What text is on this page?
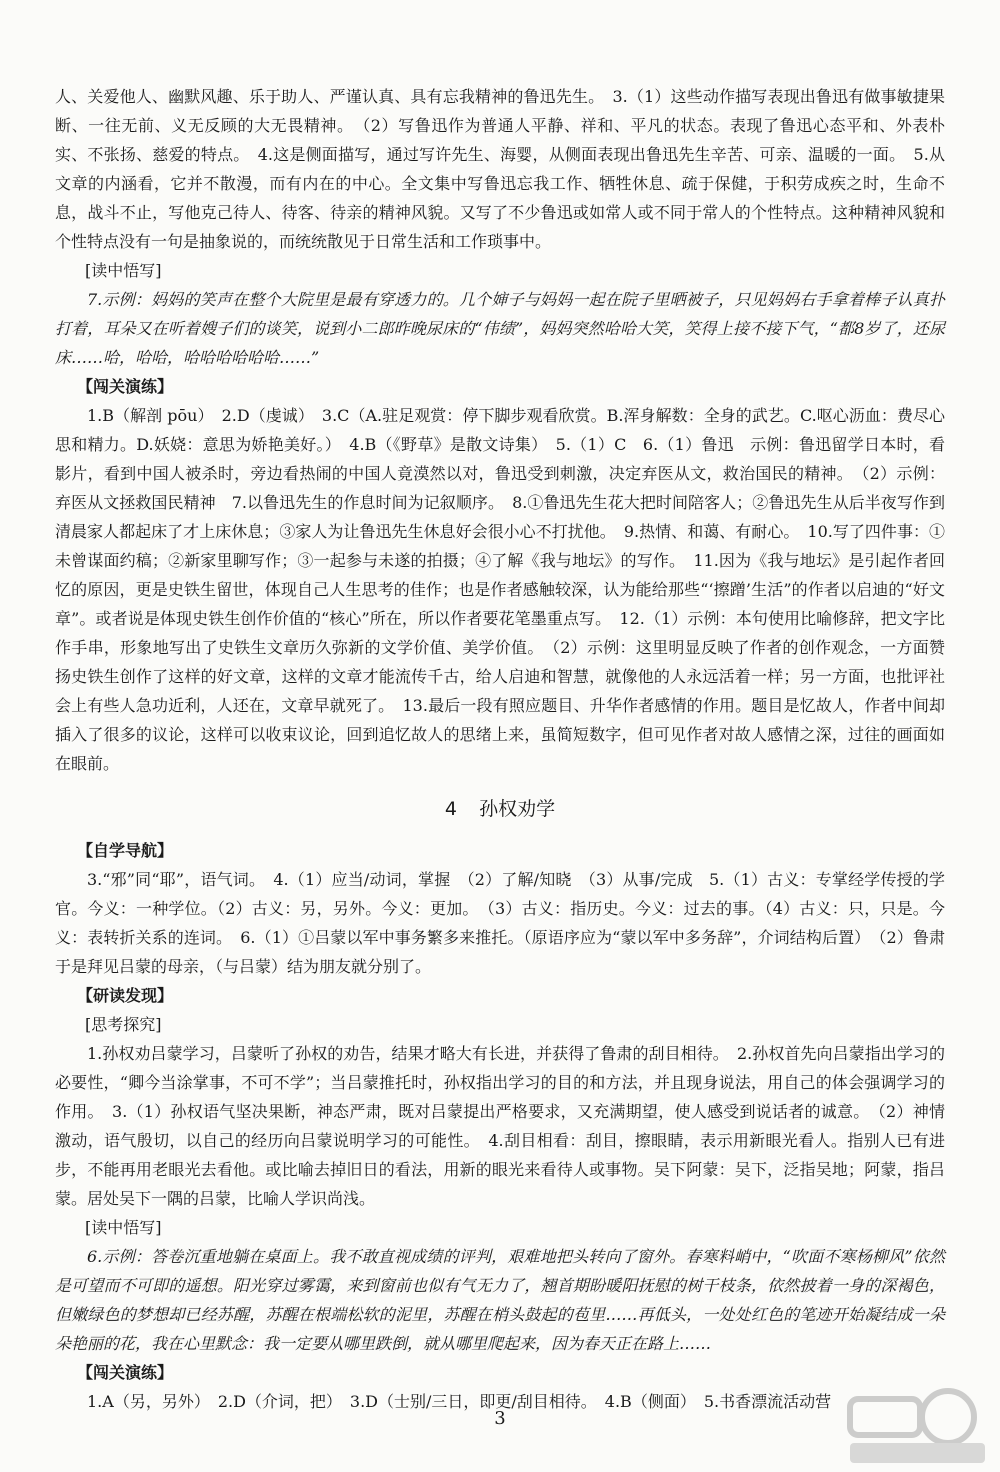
人、关爱他人、幽默风趣、乐于助人、严谨认真、具有忘我精神的鲁迅先生。　3.（1）这些动作描写表现出鲁迅有做事敏捷果断、一往无前、义无反顾的大无畏精神。　（2）写鲁迅作为普通人平静、祥和、平凡的状态。表现了鲁迅心态平和、外表朴实、不张扬、慈爱的特点。　4.这是侧面描写，通过写许先生、海婴，从侧面表现出鲁迅先生辛苦、可亲、温暖的一面。　5.从文章的内涵看，它并不散漫，而有内在的中心。全文集中写鲁迅忘我工作、牺牲休息、疏于保健，于积劳成疾之时，生命不息，战斗不止，写他克己待人、待客、待亲的精神风貌。又写了不少鲁迅或如常人或不同于常人的个性特点。这种精神风貌和个性特点没有一句是抽象说的，而统统散见于日常生活和工作琐事中。

[读中悟写]

7.示例：妈妈的笑声在整个大院里是最有穿透力的。几个婶子与妈妈一起在院子里晒被子，只见妈妈右手拿着棒子认真扑打着，耳朵又在听着嫂子们的谈笑，说到小二郎昨晚尿床的“伟绩”，妈妈突然哈哈大笑，笑得上接不接下气，“都8岁了，还尿床……哈，哈哈，哈哈哈哈哈哈……”

【闯关演练】

1.B（解剖 pōu）　2.D（虔诚）　3.C（A.驻足观赏：停下脚步观看欣赏。B.浑身解数：全身的武艺。C.呕心沥血：费尽心思和精力。D.妖娆：意思为娇艳美好。）　4.B（《野草》是散文诗集）　5.（1）C　6.（1）鲁迅　示例：鲁迅留学日本时，看影片，看到中国人被杀时，旁边看热闹的中国人竟漠然以对，鲁迅受到刺激，决定弃医从文，救治国民的精神。　（2）示例：弃医从文拯救国民精神　7.以鲁迅先生的作息时间为记叙顺序。　8.①鲁迅先生花大把时间陪客人；②鲁迅先生从后半夜写作到清晨家人都起床了才上床休息；③家人为让鲁迅先生休息好会很小心不打扰他。　9.热情、和蔼、有耐心。　10.写了四件事：①未曾谋面约稿；②新家里聊写作；③一起参与未遂的拍摄；④了解《我与地坛》的写作。　11.因为《我与地坛》是引起作者回忆的原因，更是史铁生留世，体现自己人生思考的佳作；也是作者感触较深，认为能给那些“‘擦蹭’生活”的作者以启迪的“好文章”。或者说是体现史铁生创作价值的“核心”所在，所以作者要花笔墨重点写。　12.（1）示例：本句使用比喻修辞，把文字比作手串，形象地写出了史铁生文章历久弥新的文学价值、美学价值。　（2）示例：这里明显反映了作者的创作观念，一方面赞扬史铁生创作了这样的好文章，这样的文章才能流传千古，给人启迪和智慧，就像他的人永远活着一样；另一方面，也批评社会上有些人急功近利，人还在，文章早就死了。　13.最后一段有照应题目、升华作者感情的作用。题目是忆故人，作者中间却插入了很多的议论，这样可以收束议论，回到追忆故人的思绪上来，虽简短数字，但可见作者对故人感情之深，过往的画面如在眼前。

4 孙权劝学

【自学导航】

3.“邪”同“耶”，语气词。　4.（1）应当/动词，掌握　（2）了解/知晓　（3）从事/完成　5.（1）古义：专掌经学传授的学官。今义：一种学位。（2）古义：另，另外。今义：更加。　（3）古义：指历史。今义：过去的事。（4）古义：只，只是。今义：表转折关系的连词。　6.（1）①吕蒙以军中事务繁多来推托。（原语序应为“蒙以军中多务辞”，介词结构后置）　（2）鲁肃于是拜见吕蒙的母亲，（与吕蒙）结为朋友就分别了。

【研读发现】

[思考探究]

1.孙权劝吕蒙学习，吕蒙听了孙权的劝告，结果才略大有长进，并获得了鲁肃的刮目相待。　2.孙权首先向吕蒙指出学习的必要性，“卿今当涂掌事，不可不学”；当吕蒙推托时，孙权指出学习的目的和方法，并且现身说法，用自己的体会强调学习的作用。　3.（1）孙权语气坚决果断，神态严肃，既对吕蒙提出严格要求，又充满期望，使人感受到说话者的诚意。　（2）神情激动，语气殷切，以自己的经历向吕蒙说明学习的可能性。　4.刮目相看：刮目，擦眼睛，表示用新眼光看人。指别人已有进步，不能再用老眼光去看他。或比喻去掉旧日的看法，用新的眼光来看待人或事物。吴下阿蒙：吴下，泛指吴地；阿蒙，指吕蒙。居处吴下一隅的吕蒙，比喻人学识尚浅。

[读中悟写]

6.示例：答卷沉重地躺在桌面上。我不敢直视成绩的评判，艰难地把头转向了窗外。春寒料峭中，“吹面不寒杨柳风”依然是可望而不可即的遥想。阳光穿过雾霭，来到窗前也似有气无力了，翘首期盼暖阳抚慰的树干枝条，依然披着一身的深褐色，但嫩绿色的梦想却已经苏醒，苏醒在根端松软的泥里，苏醒在梢头鼓起的苞里……再低头，一处处红色的笔迹开始凝结成一朵朵艳丽的花，我在心里默念：我一定要从哪里跌倒，就从哪里爬起来，因为春天正在路上……

【闯关演练】

1.A（另，另外）　2.D（介词，把）　3.D（士别/三日，即更/刮目相待。　4.B（侧面）　5.书香漂流活动营

3
